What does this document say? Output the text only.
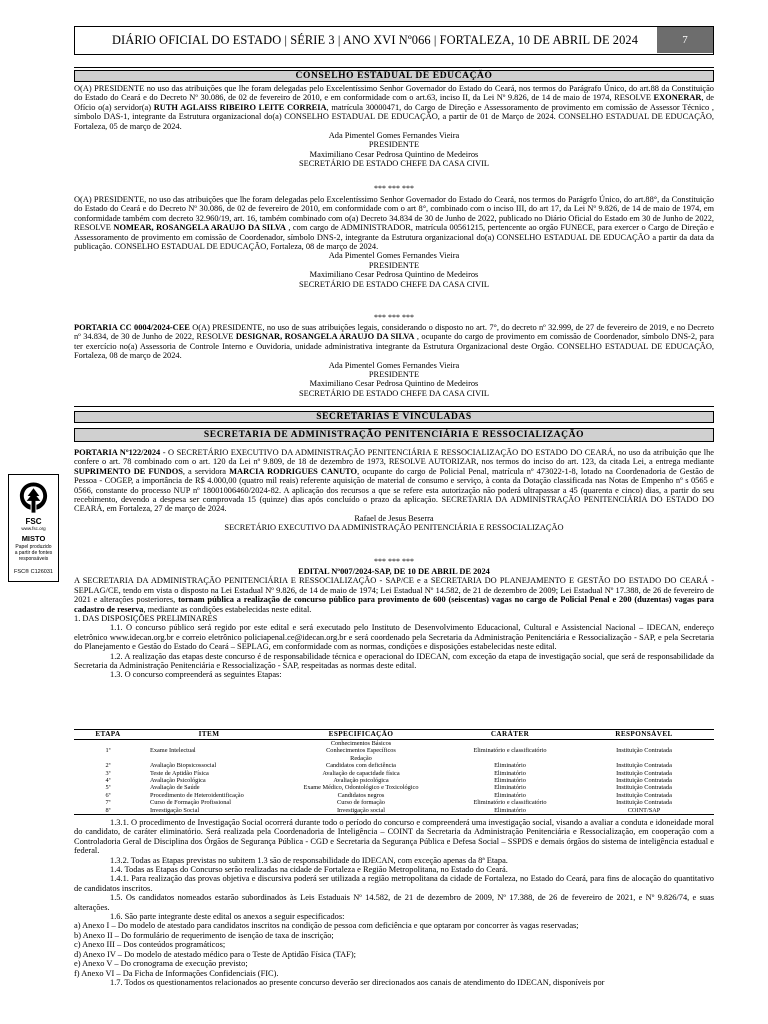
DIÁRIO OFICIAL DO ESTADO | SÉRIE 3 | ANO XVI Nº066 | FORTALEZA, 10 DE ABRIL DE 2024	7
CONSELHO ESTADUAL DE EDUCAÇÃO

O(A) PRESIDENTE no uso das atribuições que lhe foram delegadas pelo Excelentíssimo Senhor Governador do Estado do Ceará, nos termos do Parágrafo Único, do art.88 da Constituição do Estado do Ceará e do Decreto Nº 30.086, de 02 de fevereiro de 2010, e em conformidade com o art.63, inciso II, da Lei Nº 9.826, de 14 de maio de 1974, RESOLVE EXONERAR, de Ofício o(a) servidor(a) RUTH AGLAISS RIBEIRO LEITE CORREIA, matrícula 30000471, do Cargo de Direção e Assessoramento de provimento em comissão de Assessor Técnico , símbolo DAS-1, integrante da Estrutura organizacional do(a) CONSELHO ESTADUAL DE EDUCAÇÃO, a partir de 01 de Março de 2024. CONSELHO ESTADUAL DE EDUCAÇÃO, Fortaleza, 05 de março de 2024.

Ada Pimentel Gomes Fernandes Vieira

PRESIDENTE

Maximiliano Cesar Pedrosa Quintino de Medeiros

SECRETÁRIO DE ESTADO CHEFE DA CASA CIVIL

*** *** ***

O(A) PRESIDENTE, no uso das atribuições que lhe foram delegadas pelo Excelentíssimo Senhor Governador do Estado do Ceará, nos termos do Parágrfo Único, do art.88°, da Constituição do Estado do Ceará e do Decreto Nº 30.086, de 02 de fevereiro de 2010, em conformidade com o art 8°, combinado com o inciso III, do art 17, da Lei Nº 9.826, de 14 de maio de 1974, em conformidade também com decreto 32.960/19, art. 16, também combinado com o(a) Decreto 34.834 de 30 de Junho de 2022, publicado no Diário Oficial do Estado em 30 de Junho de 2022, RESOLVE NOMEAR, ROSANGELA ARAUJO DA SILVA , com cargo de ADMINISTRADOR, matrícula 00561215, pertencente ao orgão FUNECE, para exercer o Cargo de Direção e Assessoramento de provimento em comissão de Coordenador, símbolo DNS-2, integrante da Estrutura organizacional do(a) CONSELHO ESTADUAL DE EDUCAÇÃO a partir da data da publicação. CONSELHO ESTADUAL DE EDUCAÇÃO, Fortaleza, 08 de março de 2024.

Ada Pimentel Gomes Fernandes Vieira

PRESIDENTE

Maximiliano Cesar Pedrosa Quintino de Medeiros

SECRETÁRIO DE ESTADO CHEFE DA CASA CIVIL

*** *** ***

PORTARIA CC 0004/2024-CEE O(A) PRESIDENTE, no uso de suas atribuições legais, considerando o disposto no art. 7°, do decreto nº 32.999, de 27 de fevereiro de 2019, e no Decreto nº 34.834, de 30 de Junho de 2022, RESOLVE DESIGNAR, ROSANGELA ARAUJO DA SILVA , ocupante do cargo de provimento em comissão de Coordenador, símbolo DNS-2, para ter exercício no(a) Assessoria de Controle Interno e Ouvidoria, unidade administrativa integrante da Estrutura Organizacional deste Orgão. CONSELHO ESTADUAL DE EDUCAÇÃO, Fortaleza, 08 de março de 2024.

Ada Pimentel Gomes Fernandes Vieira

PRESIDENTE

Maximiliano Cesar Pedrosa Quintino de Medeiros

SECRETÁRIO DE ESTADO CHEFE DA CASA CIVIL

SECRETARIAS E VINCULADAS
SECRETARIA DE ADMINISTRAÇÃO PENITENCIÁRIA E RESSOCIALIZAÇÃO
FSC
www.fsc.org
MISTO
Papel produzido
a partir de fontes
responsáveis
FSC® C126031

PORTARIA Nº122/2024 - O SECRETÁRIO EXECUTIVO DA ADMINISTRAÇÃO PENITENCIÁRIA E RESSOCIALIZAÇÃO DO ESTADO DO CEARÁ, no uso da atribuição que lhe confere o art. 78 combinado com o art. 120 da Lei nº 9.809, de 18 de dezembro de 1973, RESOLVE AUTORIZAR, nos termos do inciso do art. 123, da citada Lei, a entrega mediante SUPRIMENTO DE FUNDOS, a servidora MARCIA RODRIGUES CANUTO, ocupante do cargo de Policial Penal, matrícula nº 473022-1-8, lotado na Coordenadoria de Gestão de Pessoa - COGEP, a importância de R$ 4.000,00 (quatro mil reais) referente aquisição de material de consumo e serviço, à conta da Dotação classificada nas Notas de Empenho nº s 0565 e 0566, constante do processo NUP nº 18001006460/2024-82. A aplicação dos recursos a que se refere esta autorização não poderá ultrapassar a 45 (quarenta e cinco) dias, a partir do seu recebimento, devendo a despesa ser comprovada 15 (quinze) dias após concluído o prazo da aplicação. SECRETARIA DA ADMINISTRAÇÃO PENITENCIÁRIA DO ESTADO DO CEARÁ, em Fortaleza, 27 de março de 2024.

Rafael de Jesus Beserra

SECRETÁRIO EXECUTIVO DA ADMINISTRAÇÃO PENITENCIÁRIA E RESSOCIALIZAÇÃO

*** *** ***

EDITAL Nº007/2024-SAP, DE 10 DE ABRIL DE 2024

A SECRETARIA DA ADMINISTRAÇÃO PENITENCIÁRIA E RESSOCIALIZAÇÃO - SAP/CE e a SECRETARIA DO PLANEJAMENTO E GESTÃO DO ESTADO DO CEARÁ - SEPLAG/CE, tendo em vista o disposto na Lei Estadual Nº 9.826, de 14 de maio de 1974; Lei Estadual Nº 14.582, de 21 de dezembro de 2009; Lei Estadual Nº 17.388, de 26 de fevereiro de 2021 e alterações posteriores, tornam pública a realização de concurso público para provimento de 600 (seiscentas) vagas no cargo de Policial Penal e 200 (duzentas) vagas para cadastro de reserva, mediante as condições estabelecidas neste edital.

1. DAS DISPOSIÇÕES PRELIMINARES

1.1. O concurso público será regido por este edital e será executado pelo Instituto de Desenvolvimento Educacional, Cultural e Assistencial Nacional – IDECAN, endereço eletrônico www.idecan.org.br e correio eletrônico policiapenal.ce@idecan.org.br e será coordenado pela Secretaria da Administração Penitenciária e Ressocialização - SAP, e pela Secretaria do Planejamento e Gestão do Estado do Ceará – SEPLAG, em conformidade com as normas, condições e disposições estabelecidas neste edital.

1.2. A realização das etapas deste concurso é de responsabilidade técnica e operacional do IDECAN, com exceção da etapa de investigação social, que será de responsabilidade da Secretaria da Administração Penitenciária e Ressocialização - SAP, respeitadas as normas deste edital.

1.3. O concurso compreenderá as seguintes Etapas:

ETAPA	ITEM	ESPECIFICAÇÃO	CARÁTER	RESPONSÁVEL
1ª	Exame Intelectual	Conhecimentos Básicos
Conhecimentos Específicos
Redação	Eliminatório e classificatório	Instituição Contratada
2ª	Avaliação Biopsicossocial	Candidatos com deficiência	Eliminatório	Instituição Contratada
3ª	Teste de Aptidão Física	Avaliação de capacidade física	Eliminatório	Instituição Contratada
4ª	Avaliação Psicológica	Avaliação psicológica	Eliminatório	Instituição Contratada
5ª	Avaliação de Saúde	Exame Médico, Odontológico e Toxicológico	Eliminatório	Instituição Contratada
6ª	Procedimento de Heteroidentificação	Candidatos negros	Eliminatório	Instituição Contratada
7ª	Curso de Formação Profissional	Curso de formação	Eliminatório e classificatório	Instituição Contratada
8ª	Investigação Social	Investigação social	Eliminatório	COINT/SAP

1.3.1. O procedimento de Investigação Social ocorrerá durante todo o período do concurso e compreenderá uma investigação social, visando a avaliar a conduta e idoneidade moral do candidato, de caráter eliminatório. Será realizada pela Coordenadoria de Inteligência – COINT da Secretaria da Administração Penitenciária e Ressocialização, em cooperação com a Controladoria Geral de Disciplina dos Órgãos de Segurança Pública - CGD e Secretaria da Segurança Pública e Defesa Social – SSPDS e demais órgãos do sistema de inteligência estadual e federal.

1.3.2. Todas as Etapas previstas no subitem 1.3 são de responsabilidade do IDECAN, com exceção apenas da 8ª Etapa.

1.4. Todas as Etapas do Concurso serão realizadas na cidade de Fortaleza e Região Metropolitana, no Estado do Ceará.

1.4.1. Para realização das provas objetiva e discursiva poderá ser utilizada a região metropolitana da cidade de Fortaleza, no Estado do Ceará, para fins de alocação do quantitativo de candidatos inscritos.

1.5. Os candidatos nomeados estarão subordinados às Leis Estaduais Nº 14.582, de 21 de dezembro de 2009, Nº 17.388, de 26 de fevereiro de 2021, e Nº 9.826/74, e suas alterações.

1.6. São parte integrante deste edital os anexos a seguir especificados:

a) Anexo I – Do modelo de atestado para candidatos inscritos na condição de pessoa com deficiência e que optaram por concorrer às vagas reservadas;

b) Anexo II – Do formulário de requerimento de isenção de taxa de inscrição;

c) Anexo III – Dos conteúdos programáticos;

d) Anexo IV – Do modelo de atestado médico para o Teste de Aptidão Física (TAF);

e) Anexo V – Do cronograma de execução previsto;

f) Anexo VI – Da Ficha de Informações Confidenciais (FIC).

1.7. Todos os questionamentos relacionados ao presente concurso deverão ser direcionados aos canais de atendimento do IDECAN, disponíveis por
